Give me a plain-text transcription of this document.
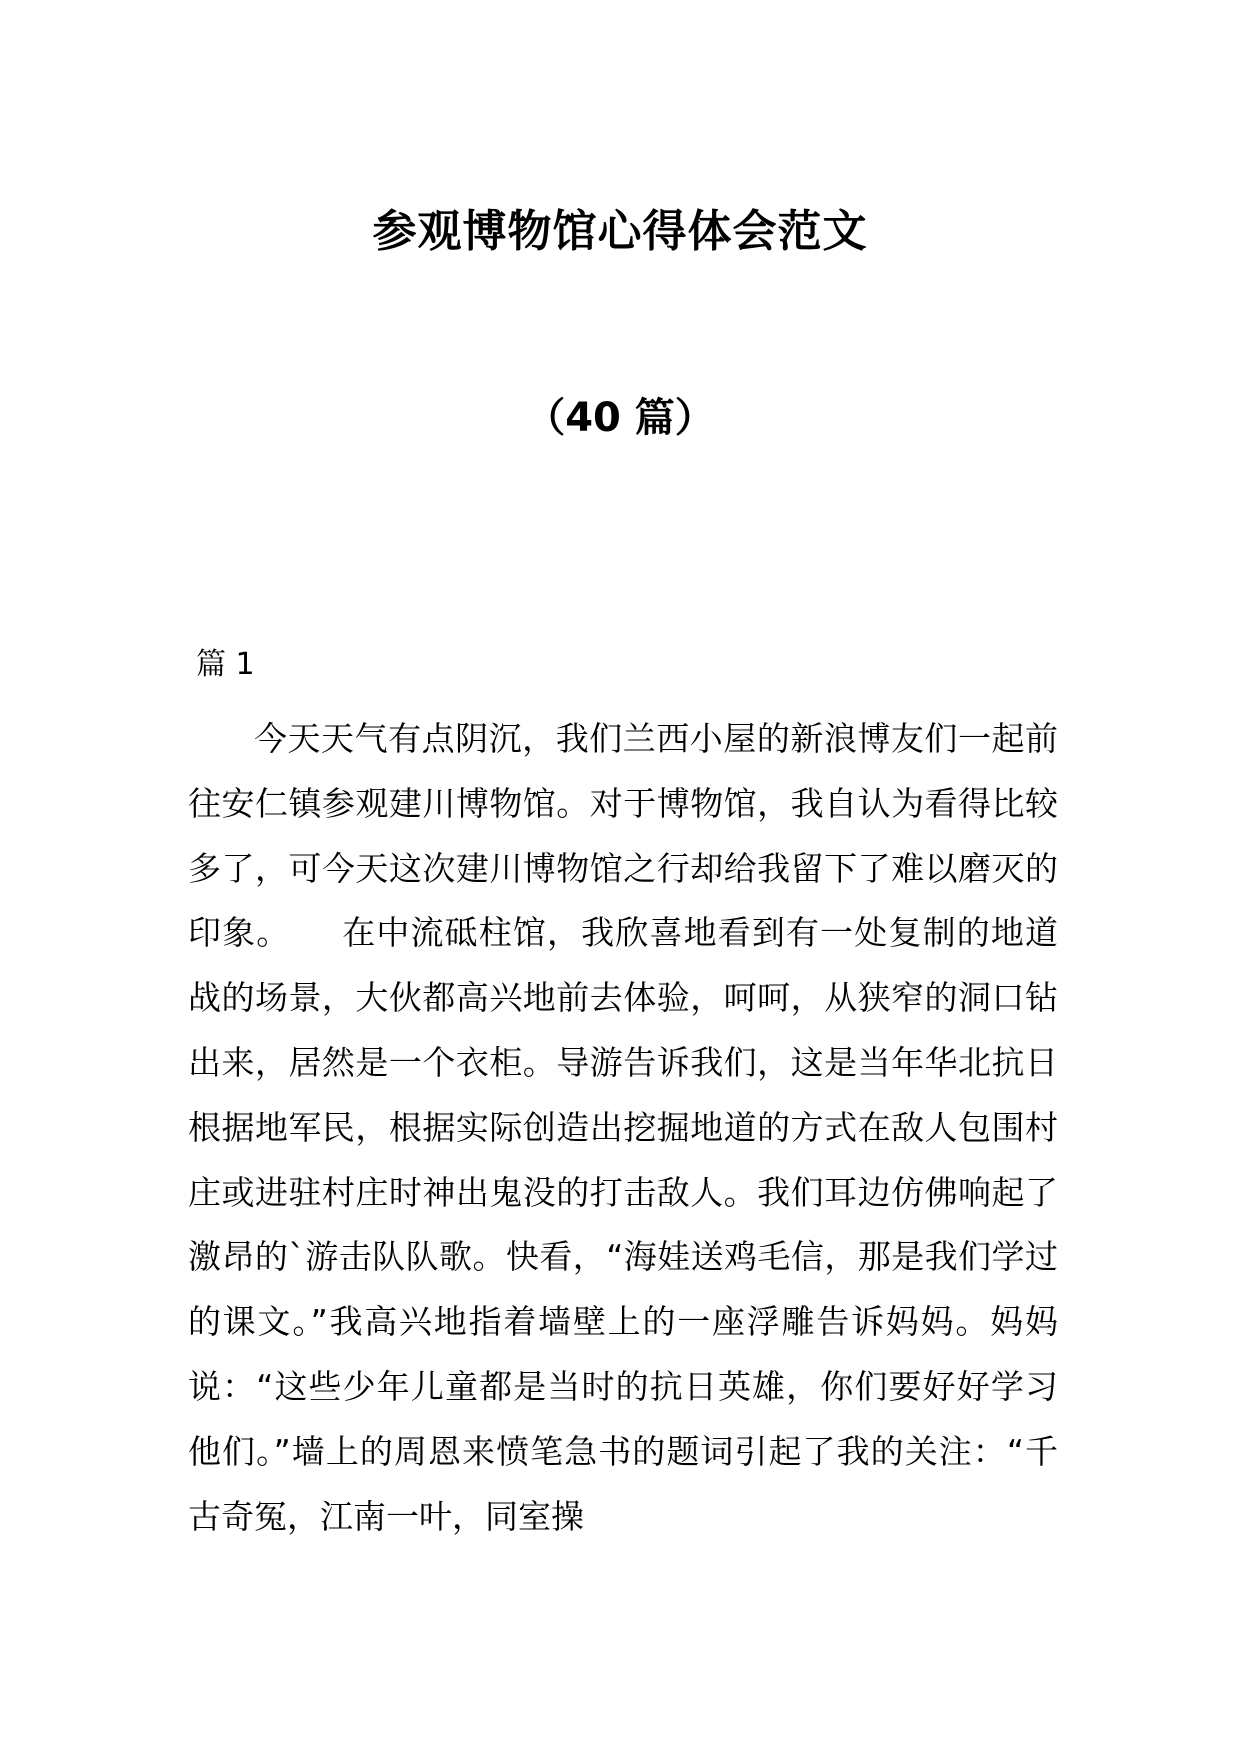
参观博物馆心得体会范文
（40 篇）
篇 1

今天天气有点阴沉，我们兰西小屋的新浪博友们一起前往安仁镇参观建川博物馆。对于博物馆，我自认为看得比较多了，可今天这次建川博物馆之行却给我留下了难以磨灭的印象。　　在中流砥柱馆，我欣喜地看到有一处复制的地道战的场景，大伙都高兴地前去体验，呵呵，从狭窄的洞口钻出来，居然是一个衣柜。导游告诉我们，这是当年华北抗日根据地军民，根据实际创造出挖掘地道的方式在敌人包围村庄或进驻村庄时神出鬼没的打击敌人。我们耳边仿佛响起了激昂的`游击队队歌。快看，“海娃送鸡毛信，那是我们学过的课文。”我高兴地指着墙壁上的一座浮雕告诉妈妈。妈妈说：“这些少年儿童都是当时的抗日英雄，你们要好好学习他们。”墙上的周恩来愤笔急书的题词引起了我的关注：“千古奇冤，江南一叶，同室操
